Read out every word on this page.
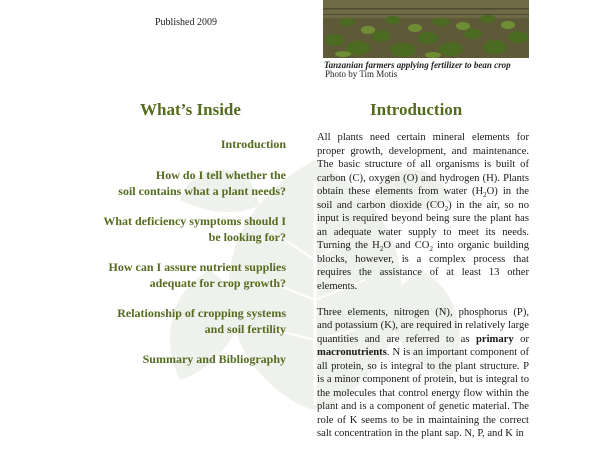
Published 2009
Tanzanian farmers applying fertilizer to bean crop
Photo by Tim Motis
What’s Inside	Introduction
Introduction
How do I tell whether the
soil contains what a plant needs?
What deficiency symptoms should I
be looking for?
How can I assure nutrient supplies
adequate for crop growth?
Relationship of cropping systems
and soil fertility
Summary and Bibliography

All plants need certain mineral elements for proper growth, development, and maintenance. The basic structure of all organisms is built of carbon (C), oxygen (O) and hydrogen (H). Plants obtain these elements from water $(H_2O)$ in the soil and carbon dioxide $(CO_2)$ in the air, so no input is required beyond being sure the plant has an adequate water supply to meet its needs. Turning the $H_2O$ and $CO_2$ into organic building blocks, however, is a complex process that requires the assistance of at least 13 other elements.

Three elements, nitrogen (N), phosphorus (P), and potassium (K), are required in relatively large quantities and are referred to as primary or macronutrients. N is an important component of all protein, so is integral to the plant structure. P is a minor component of protein, but is integral to the molecules that control energy flow within the plant and is a component of genetic material. The role of K seems to be in maintaining the correct salt concentration in the plant sap. N, P, and K in
